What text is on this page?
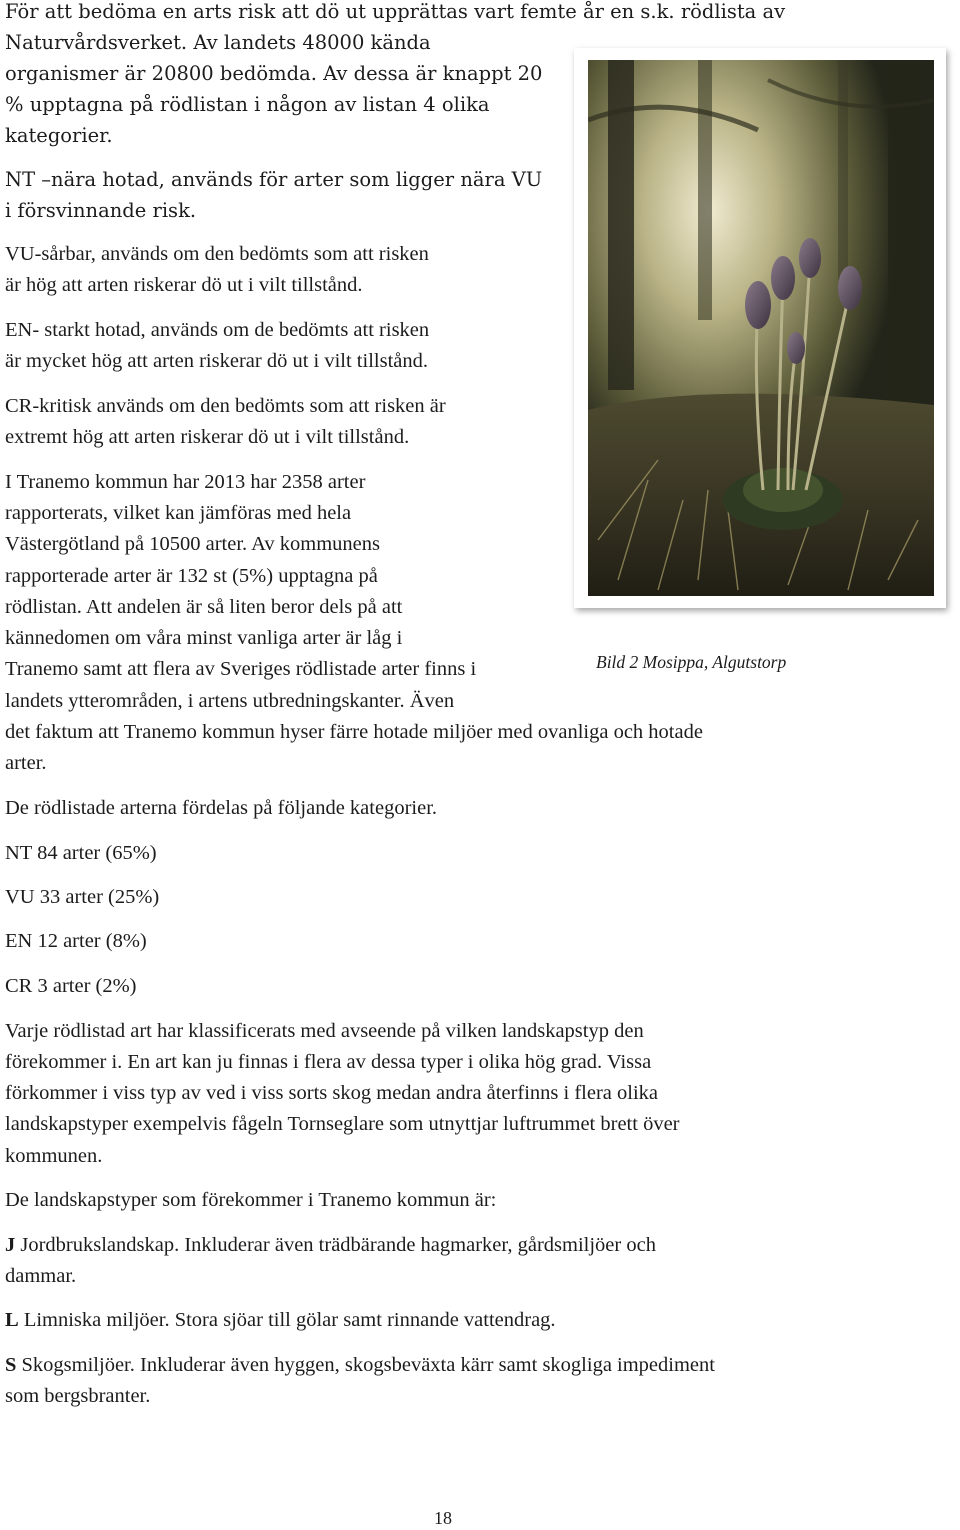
För att bedöma en arts risk att dö ut upprättas vart femte år en s.k. rödlista av

Naturvårdsverket. Av landets 48000 kända

organismer är 20800 bedömda. Av dessa är knappt 20

% upptagna på rödlistan i någon av listan 4 olika

kategorier.

NT –nära hotad, används för arter som ligger nära VU

i försvinnande risk.

VU-sårbar, används om den bedömts som att risken

är hög att arten riskerar dö ut i vilt tillstånd.

EN- starkt hotad, används om de bedömts att risken

är mycket hög att arten riskerar dö ut i vilt tillstånd.

CR-kritisk används om den bedömts som att risken är

extremt hög att arten riskerar dö ut i vilt tillstånd.

I Tranemo kommun har 2013 har 2358 arter

rapporterats, vilket kan jämföras med hela

Västergötland på 10500 arter. Av kommunens

rapporterade arter är 132 st (5%) upptagna på

rödlistan. Att andelen är så liten beror dels på att

kännedomen om våra minst vanliga arter är låg i

Tranemo samt att flera av Sveriges rödlistade arter finns i

landets ytterområden, i artens utbredningskanter. Även

det faktum att Tranemo kommun hyser färre hotade miljöer med ovanliga och hotade

arter.

Bild 2 Mosippa, Algutstorp

De rödlistade arterna fördelas på följande kategorier.

NT 84 arter (65%)

VU 33 arter (25%)

EN 12 arter (8%)

CR 3 arter (2%)

Varje rödlistad art har klassificerats med avseende på vilken landskapstyp den

förekommer i. En art kan ju finnas i flera av dessa typer i olika hög grad. Vissa

förkommer i viss typ av ved i viss sorts skog medan andra återfinns i flera olika

landskapstyper exempelvis fågeln Tornseglare som utnyttjar luftrummet brett över

kommunen.

De landskapstyper som förekommer i Tranemo kommun är:

J Jordbrukslandskap. Inkluderar även trädbärande hagmarker, gårdsmiljöer och

dammar.

L Limniska miljöer. Stora sjöar till gölar samt rinnande vattendrag.

S Skogsmiljöer. Inkluderar även hyggen, skogsbeväxta kärr samt skogliga impediment

som bergsbranter.

18
